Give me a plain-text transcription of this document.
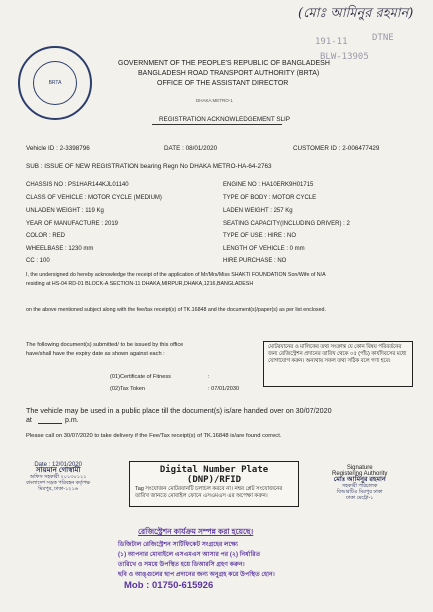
(মোঃ আমিনুর রহমান)
191-11	DTNE
BLW-13905
BRTA
GOVERNMENT OF THE PEOPLE'S REPUBLIC OF BANGLADESH
BANGLADESH ROAD TRANSPORT AUTHORITY (BRTA)
OFFICE OF THE ASSISTANT DIRECTOR
DHAKA METRO-1
REGISTRATION ACKNOWLEDGEMENT SLIP
Vehicle ID : 2-3398796	DATE : 08/01/2020	CUSTOMER ID : 2-006477429
SUB : ISSUE OF NEW REGISTRATION bearing Regn No DHAKA METRO-HA-64-2763
CHASSIS NO : PS1HAR144KJL01140
CLASS OF VEHICLE : MOTOR CYCLE (MEDIUM)
UNLADEN WEIGHT : 119 Kg
YEAR OF MANUFACTURE : 2019
COLOR : RED
WHEELBASE : 1230 mm
CC : 100
ENGINE NO : HA10ERK9H01715
TYPE OF BODY : MOTOR CYCLE
LADEN WEIGHT : 257 Kg
SEATING CAPACITY(INCLUDING DRIVER) : 2
TYPE OF USE : HIRE : NO
LENGTH OF VEHICLE : 0 mm
HIRE PURCHASE : NO
I, the undersigned do hereby acknowledge the receipt of the application of Mr/Mrs/Miss SHAKTI FOUNDATION Son/Wife of N/A
residing at HS-04 RD-01 BLOCK-A SECTION-11 DHAKA,MIRPUR,DHAKA,1216,BANGLADESH
on the above mentioned subject along with the fee/tax receipt(s) of TK.16848 and the document(s)/paper(s) as per list enclosed.
The following document(s) submitted/ to be issued by this office
have/shall have the expiry date as shown against each :
(01)Certificate of Fitness	:
(02)Tax Token	: 07/01/2030
মোটরযানের ও মালিকের তথ্য সংক্রান্ত যে কোন বিষয় পরিবর্তনের জন্য রেজিস্ট্রেশন প্রদানের তারিখ থেকে ০৫ (পাঁচ) কার্যদিবসের মধ্যে যোগাযোগ করুন। অন্যথায় সকল তথ্য সঠিক বলে গণ্য হবে।
The vehicle may be used in a public place till the document(s) is/are handed over on 30/07/2020
at	p.m.
Please call on 30/07/2020 to take delivery if the Fee/Tax receipt(s) of TK.16848 is/are found correct.
Date : 12/01/2020
সায়মান গোস্বামী
অফিস সহকারী ২০১৩০১১১
বাংলাদেশ সড়ক পরিবহন কর্তৃপক্ষ
মিরপুর, ঢাকা-১২১৬
Digital Number Plate (DNP)/RFID
Tag সংযোজন মোটরযানটি চলাচল করবে না। নম্বর প্লেট সংযোজনের তারিখ জানতে মোবাইল ফোনে এসএমএস এর অপেক্ষা করুন।
Signature
Registering Authority
মোঃ আমিনুর রহমান
সহকারী পরিচালক
বিআরটিএ মিরপুর ঢাকা
ঢাকা মেট্রো-১
রেজিস্ট্রেশন কার্যক্রম সম্পন্ন করা হয়েছে।
ডিজিটাল রেজিস্ট্রেশন সার্টিফিকেট সংগ্রহের লক্ষ্যে
(১) আপনার মোবাইলে এসএমএস আসার পর (২) নির্ধারিত
তারিখে ও সময়ে উপস্থিত হয়ে ডিআরসি গ্রহণ করুন।
ছবি ও আঙ্গুলের ছাপ প্রদানের জন্য অনুগ্রহ করে উপস্থিত হোন।
Mob : 01750-615926
